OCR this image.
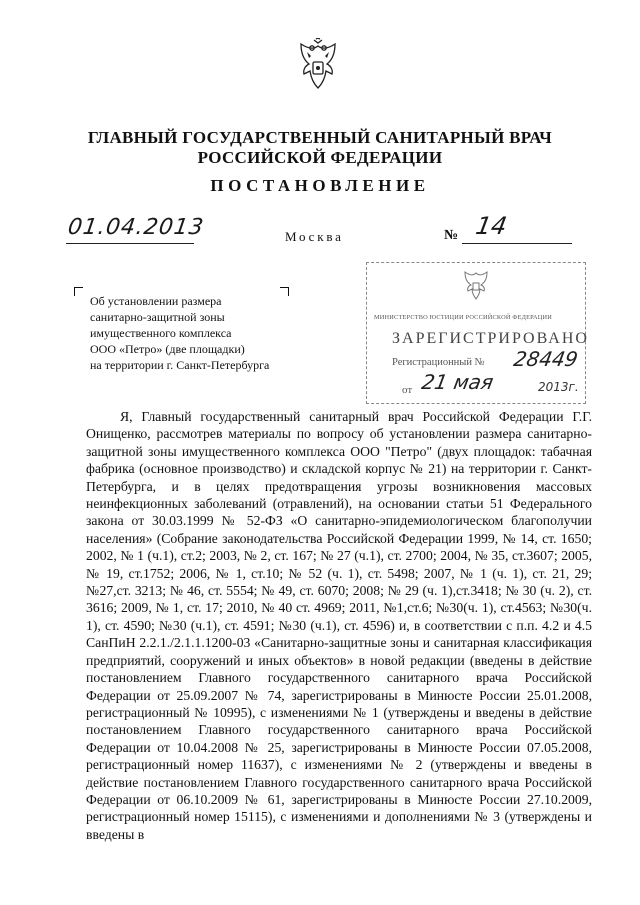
ГЛАВНЫЙ ГОСУДАРСТВЕННЫЙ САНИТАРНЫЙ ВРАЧ
РОССИЙСКОЙ ФЕДЕРАЦИИ
ПОСТАНОВЛЕНИЕ
01.04.2013	Москва	№ 14
Об установлении размера
санитарно-защитной зоны
имущественного комплекса
ООО «Петро» (две площадки)
на территории г. Санкт-Петербурга
МИНИСТЕРСТВО ЮСТИЦИИ РОССИЙСКОЙ ФЕДЕРАЦИИ
ЗАРЕГИСТРИРОВАНО
Регистрационный № 28449
от 21 мая	2013г.

Я, Главный государственный санитарный врач Российской Федерации Г.Г. Онищенко, рассмотрев материалы по вопросу об установлении размера санитарно-защитной зоны имущественного комплекса ООО "Петро" (двух площадок: табачная фабрика (основное производство) и складской корпус № 21) на территории г. Санкт-Петербурга, и в целях предотвращения угрозы возникновения массовых неинфекционных заболеваний (отравлений), на основании статьи 51 Федерального закона от 30.03.1999 № 52-ФЗ «О санитарно-эпидемиологическом благополучии населения» (Собрание законодательства Российской Федерации 1999, № 14, ст. 1650; 2002, № 1 (ч.1), ст.2; 2003, № 2, ст. 167; № 27 (ч.1), ст. 2700; 2004, № 35, ст.3607; 2005, № 19, ст.1752; 2006, № 1, ст.10; № 52 (ч. 1), ст. 5498; 2007, № 1 (ч. 1), ст. 21, 29; №27,ст. 3213; № 46, ст. 5554; № 49, ст. 6070; 2008; № 29 (ч. 1),ст.3418; № 30 (ч. 2), ст. 3616; 2009, № 1, ст. 17; 2010, № 40 ст. 4969; 2011, №1,ст.6; №30(ч. 1), ст.4563; №30(ч. 1), ст. 4590; №30 (ч.1), ст. 4591; №30 (ч.1), ст. 4596) и, в соответствии с п.п. 4.2 и 4.5 СанПиН 2.2.1./2.1.1.1200-03 «Санитарно-защитные зоны и санитарная классификация предприятий, сооружений и иных объектов» в новой редакции (введены в действие постановлением Главного государственного санитарного врача Российской Федерации от 25.09.2007 № 74, зарегистрированы в Минюсте России 25.01.2008, регистрационный № 10995), с изменениями № 1 (утверждены и введены в действие постановлением Главного государственного санитарного врача Российской Федерации от 10.04.2008 № 25, зарегистрированы в Минюсте России 07.05.2008, регистрационный номер 11637), с изменениями № 2 (утверждены и введены в действие постановлением Главного государственного санитарного врача Российской Федерации от 06.10.2009 № 61, зарегистрированы в Минюсте России 27.10.2009, регистрационный номер 15115), с изменениями и дополнениями № 3 (утверждены и введены в
